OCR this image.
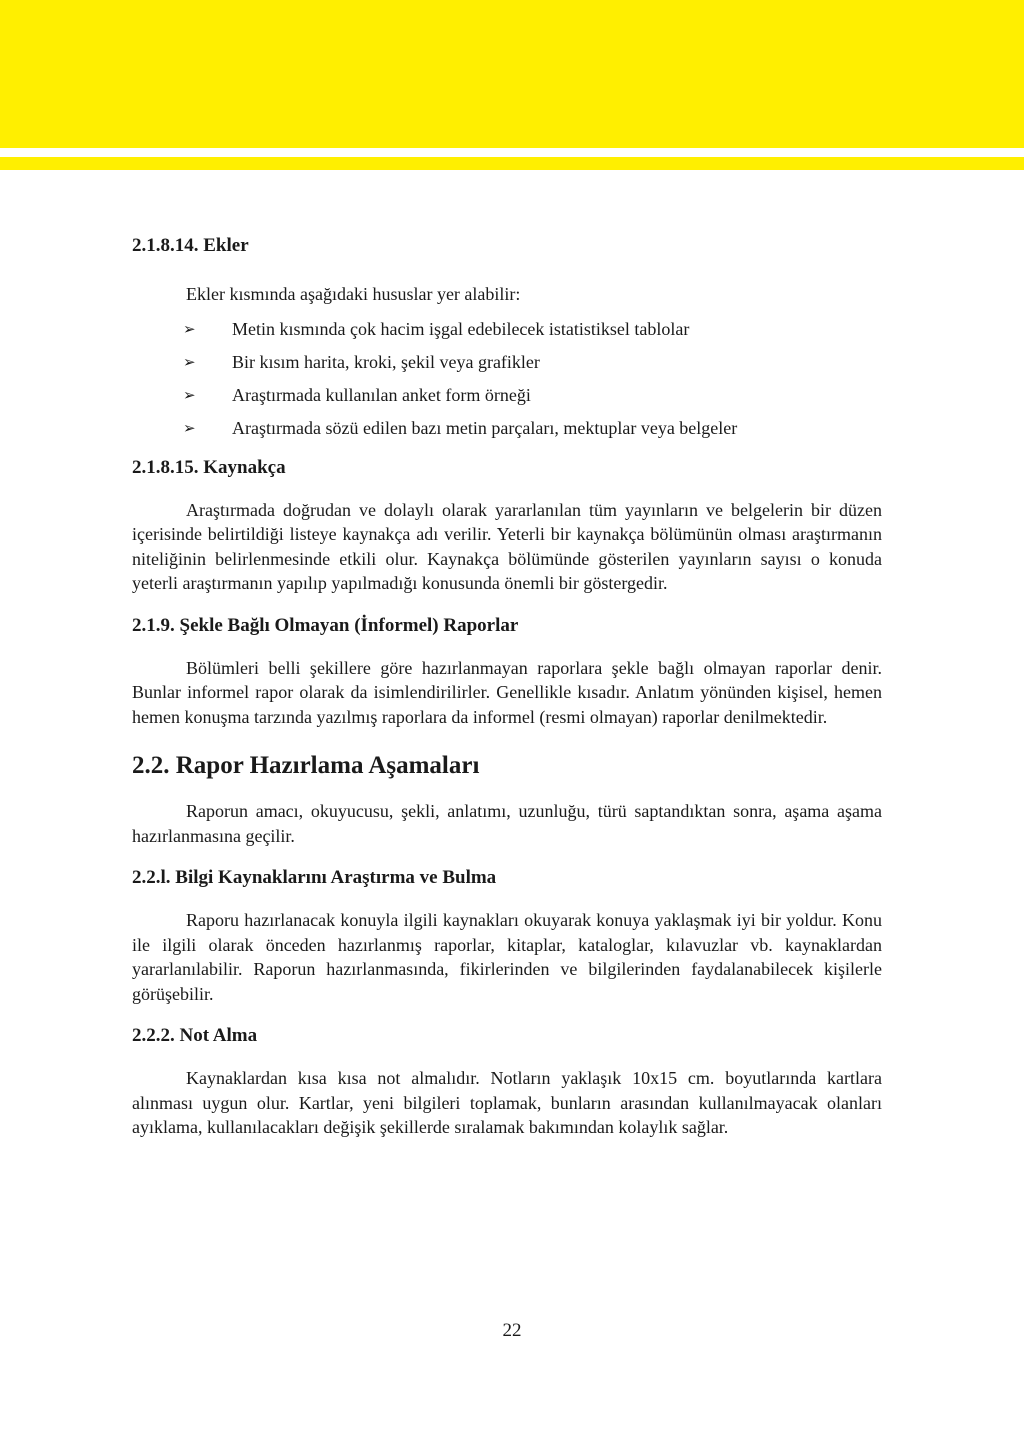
2.1.8.14. Ekler

Ekler kısmında aşağıdaki hususlar yer alabilir:

➢	Metin kısmında çok hacim işgal edebilecek istatistiksel tablolar
➢	Bir kısım harita, kroki, şekil veya grafikler
➢	Araştırmada kullanılan anket form örneği
➢	Araştırmada sözü edilen bazı metin parçaları, mektuplar veya belgeler
2.1.8.15. Kaynakça

Araştırmada doğrudan ve dolaylı olarak yararlanılan tüm yayınların ve belgelerin bir düzen içerisinde belirtildiği listeye kaynakça adı verilir. Yeterli bir kaynakça bölümünün olması araştırmanın niteliğinin belirlenmesinde etkili olur. Kaynakça bölümünde gösterilen yayınların sayısı o konuda yeterli araştırmanın yapılıp yapılmadığı konusunda önemli bir göstergedir.

2.1.9. Şekle Bağlı Olmayan (İnformel) Raporlar

Bölümleri belli şekillere göre hazırlanmayan raporlara şekle bağlı olmayan raporlar denir. Bunlar informel rapor olarak da isimlendirilirler. Genellikle kısadır. Anlatım yönünden kişisel, hemen hemen konuşma tarzında yazılmış raporlara da informel (resmi olmayan) raporlar denilmektedir.

2.2. Rapor Hazırlama Aşamaları

Raporun amacı, okuyucusu, şekli, anlatımı, uzunluğu, türü saptandıktan sonra, aşama aşama hazırlanmasına geçilir.

2.2.l. Bilgi Kaynaklarını Araştırma ve Bulma

Raporu hazırlanacak konuyla ilgili kaynakları okuyarak konuya yaklaşmak iyi bir yoldur. Konu ile ilgili olarak önceden hazırlanmış raporlar, kitaplar, kataloglar, kılavuzlar vb. kaynaklardan yararlanılabilir. Raporun hazırlanmasında, fikirlerinden ve bilgilerinden faydalanabilecek kişilerle görüşebilir.

2.2.2. Not Alma

Kaynaklardan kısa kısa not almalıdır. Notların yaklaşık 10x15 cm. boyutlarında kartlara alınması uygun olur. Kartlar, yeni bilgileri toplamak, bunların arasından kullanılmayacak olanları ayıklama, kullanılacakları değişik şekillerde sıralamak bakımından kolaylık sağlar.

22
